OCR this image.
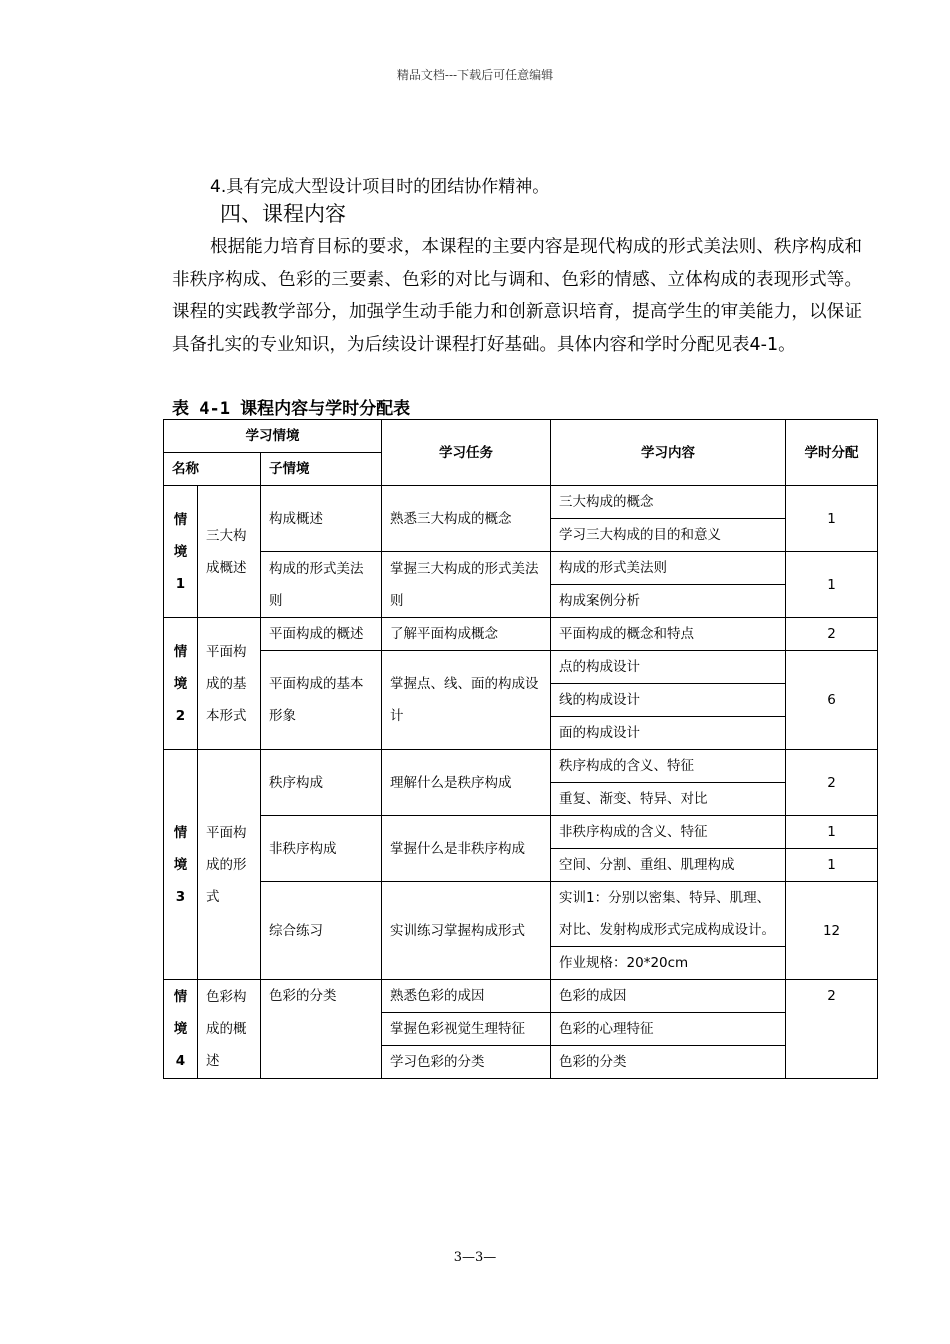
精品文档---下载后可任意编辑
4.具有完成大型设计项目时的团结协作精神。
四、课程内容
根据能力培育目标的要求，本课程的主要内容是现代构成的形式美法则、秩序构成和非秩序构成、色彩的三要素、色彩的对比与调和、色彩的情感、立体构成的表现形式等。课程的实践教学部分，加强学生动手能力和创新意识培育，提高学生的审美能力，以保证具备扎实的专业知识，为后续设计课程打好基础。具体内容和学时分配见表4-1。
表 4-1 课程内容与学时分配表
学习情境			学习任务	学习内容	学时分配
名称		子情境			
情境1	三大构成概述	构成概述	熟悉三大构成的概念	三大构成的概念	1
				学习三大构成的目的和意义	
		构成的形式美法则	掌握三大构成的形式美法则	构成的形式美法则	1
				构成案例分析	
情境2	平面构成的基本形式	平面构成的概述	了解平面构成概念	平面构成的概念和特点	2
		平面构成的基本形象	掌握点、线、面的构成设计	点的构成设计	6
				线的构成设计	
				面的构成设计	
情境3	平面构成的形式	秩序构成	理解什么是秩序构成	秩序构成的含义、特征	2
				重复、渐变、特异、对比	
		非秩序构成	掌握什么是非秩序构成	非秩序构成的含义、特征	1
				空间、分割、重组、肌理构成	1
		综合练习	实训练习掌握构成形式	实训1：分别以密集、特异、肌理、对比、发射构成形式完成构成设计。	12
				作业规格：20*20cm	
情境4	色彩构成的概述	色彩的分类	熟悉色彩的成因	色彩的成因	2
			掌握色彩视觉生理特征	色彩的心理特征	
			学习色彩的分类	色彩的分类	
3—3—
